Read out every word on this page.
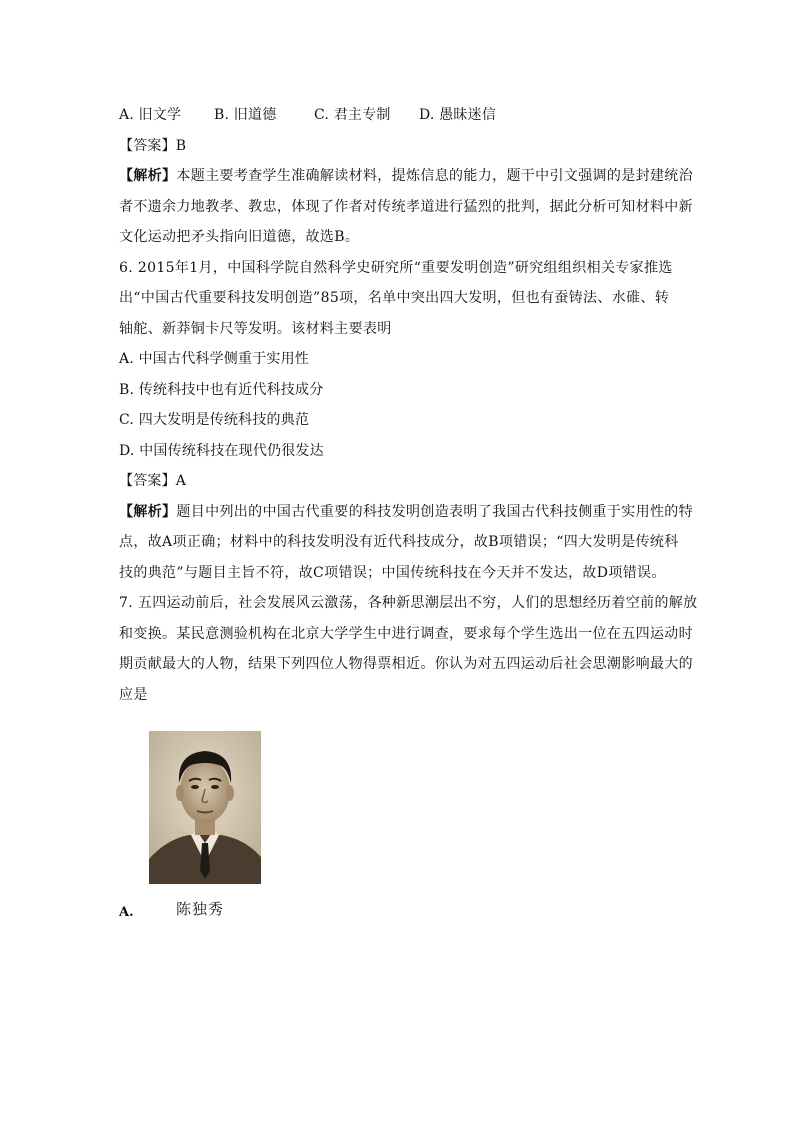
A. 旧文学 B. 旧道德	C. 君主专制 D. 愚昧迷信
【答案】B
【解析】本题主要考查学生准确解读材料，提炼信息的能力，题干中引文强调的是封建统治
者不遗余力地教孝、教忠，体现了作者对传统孝道进行猛烈的批判，据此分析可知材料中新
文化运动把矛头指向旧道德，故选B。
6. 2015年1月，中国科学院自然科学史研究所“重要发明创造”研究组组织相关专家推选
出“中国古代重要科技发明创造”85项，名单中突出四大发明，但也有蚕铸法、水碓、转
轴舵、新莽铜卡尺等发明。该材料主要表明
A. 中国古代科学侧重于实用性
B. 传统科技中也有近代科技成分
C. 四大发明是传统科技的典范
D. 中国传统科技在现代仍很发达
【答案】A
【解析】题目中列出的中国古代重要的科技发明创造表明了我国古代科技侧重于实用性的特
点，故A项正确；材料中的科技发明没有近代科技成分，故B项错误；“四大发明是传统科
技的典范”与题目主旨不符，故C项错误；中国传统科技在今天并不发达，故D项错误。
7. 五四运动前后，社会发展风云激荡，各种新思潮层出不穷，人们的思想经历着空前的解放
和变换。某民意测验机构在北京大学学生中进行调查，要求每个学生选出一位在五四运动时
期贡献最大的人物，结果下列四位人物得票相近。你认为对五四运动后社会思潮影响最大的
应是
陈独秀
A.
